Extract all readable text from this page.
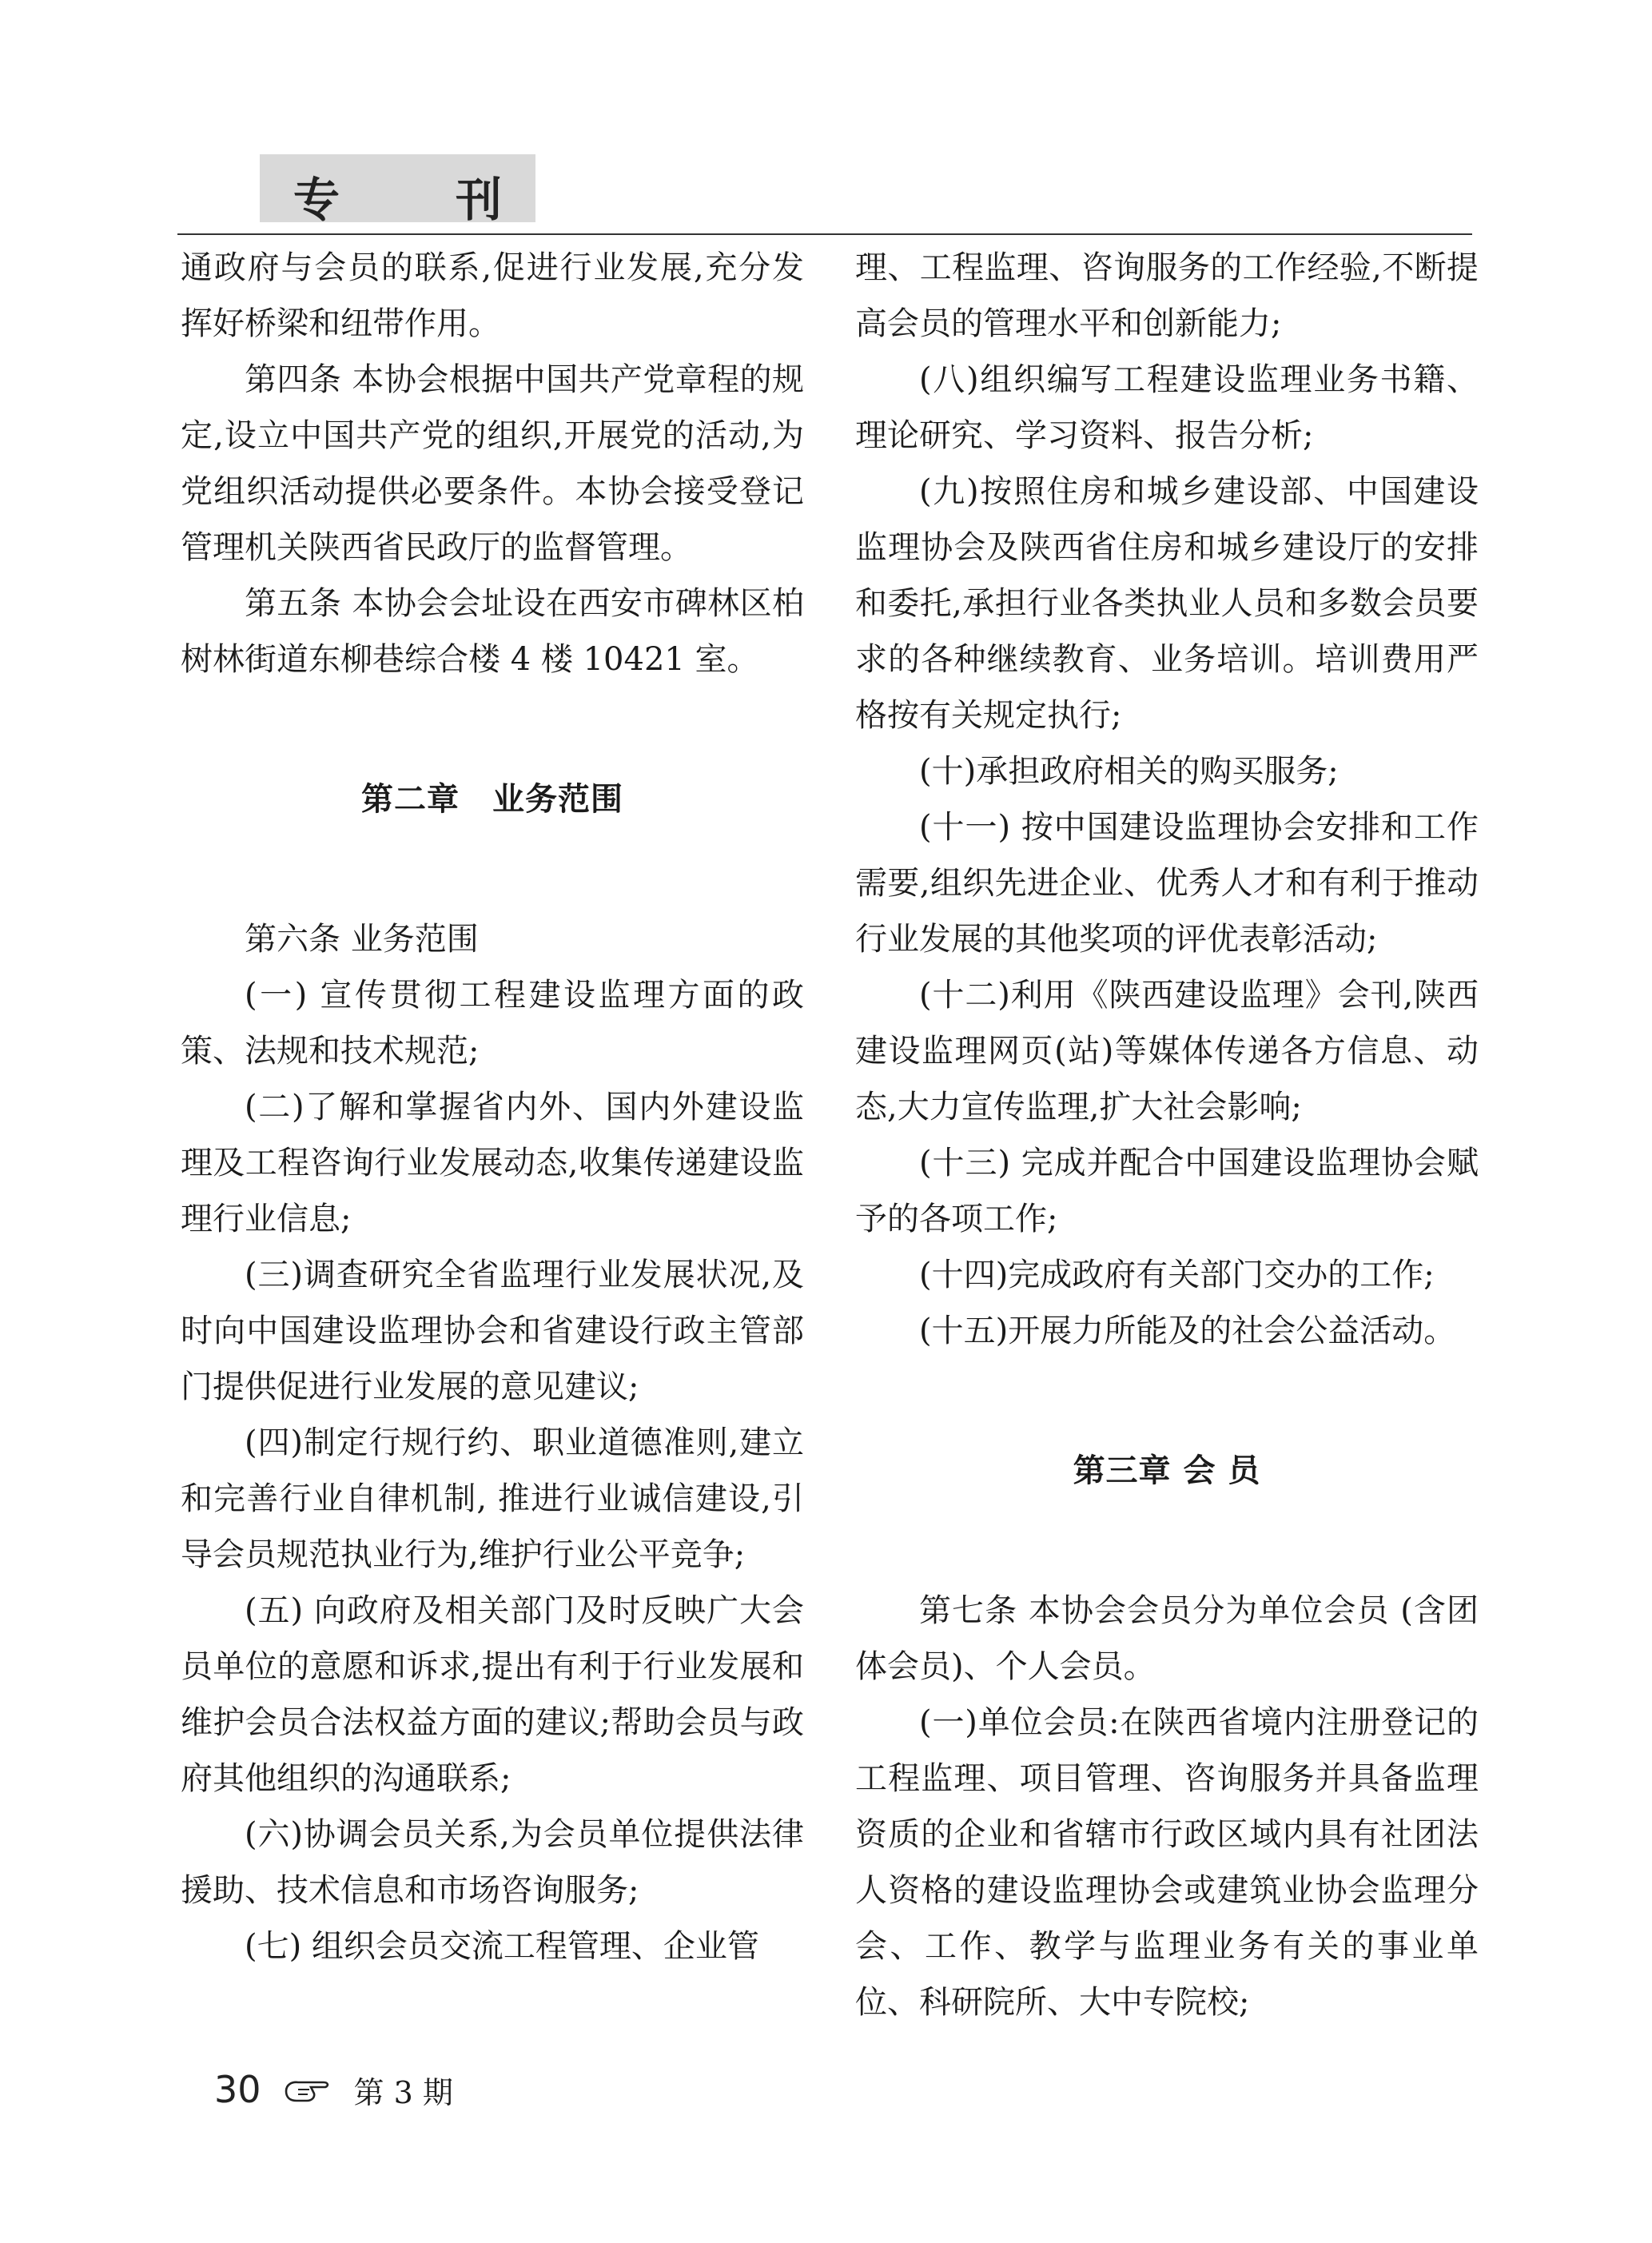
专 刊

通政府与会员的联系,促进行业发展,充分发挥好桥梁和纽带作用。

第四条 本协会根据中国共产党章程的规定,设立中国共产党的组织,开展党的活动,为党组织活动提供必要条件。本协会接受登记管理机关陕西省民政厅的监督管理。

第五条 本协会会址设在西安市碑林区柏树林街道东柳巷综合楼 4 楼 10421 室。

第二章　业务范围

第六条 业务范围

(一) 宣传贯彻工程建设监理方面的政策、法规和技术规范;

(二)了解和掌握省内外、国内外建设监理及工程咨询行业发展动态,收集传递建设监理行业信息;

(三)调查研究全省监理行业发展状况,及时向中国建设监理协会和省建设行政主管部门提供促进行业发展的意见建议;

(四)制定行规行约、职业道德准则,建立和完善行业自律机制, 推进行业诚信建设,引导会员规范执业行为,维护行业公平竞争;

(五) 向政府及相关部门及时反映广大会员单位的意愿和诉求,提出有利于行业发展和维护会员合法权益方面的建议;帮助会员与政府其他组织的沟通联系;

(六)协调会员关系,为会员单位提供法律援助、技术信息和市场咨询服务;

(七) 组织会员交流工程管理、企业管

理、工程监理、咨询服务的工作经验,不断提高会员的管理水平和创新能力;

(八)组织编写工程建设监理业务书籍、理论研究、学习资料、报告分析;

(九)按照住房和城乡建设部、中国建设监理协会及陕西省住房和城乡建设厅的安排和委托,承担行业各类执业人员和多数会员要求的各种继续教育、业务培训。培训费用严格按有关规定执行;

(十)承担政府相关的购买服务;

(十一) 按中国建设监理协会安排和工作需要,组织先进企业、优秀人才和有利于推动行业发展的其他奖项的评优表彰活动;

(十二)利用《陕西建设监理》会刊,陕西建设监理网页(站)等媒体传递各方信息、动态,大力宣传监理,扩大社会影响;

(十三) 完成并配合中国建设监理协会赋予的各项工作;

(十四)完成政府有关部门交办的工作;

(十五)开展力所能及的社会公益活动。

第三章 会 员

第七条 本协会会员分为单位会员 (含团体会员)、个人会员。

(一)单位会员:在陕西省境内注册登记的工程监理、项目管理、咨询服务并具备监理资质的企业和省辖市行政区域内具有社团法人资格的建设监理协会或建筑业协会监理分会、工作、教学与监理业务有关的事业单位、科研院所、大中专院校;

30	第 3 期
